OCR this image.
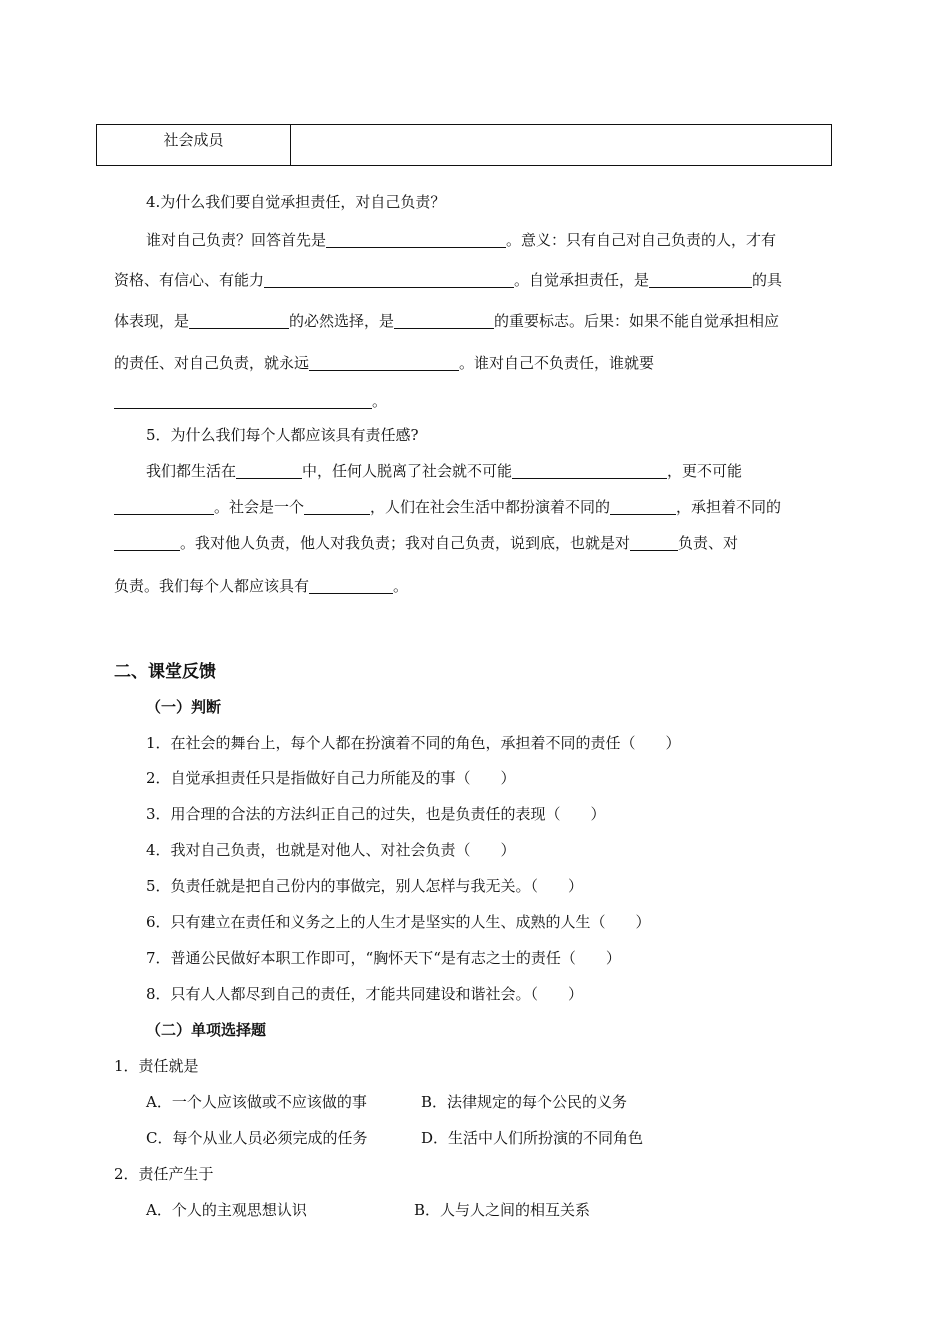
社会成员	
4.为什么我们要自觉承担责任，对自己负责？
谁对自己负责？回答首先是	。意义：只有自己对自己负责的人，才有
资格、有信心、有能力	。自觉承担责任，是	的具
体表现，是	的必然选择，是	的重要标志。后果：如果不能自觉承担相应
的责任、对自己负责，就永远	。谁对自己不负责任，谁就要
。
5．为什么我们每个人都应该具有责任感?
我们都生活在	中，任何人脱离了社会就不可能	，更不可能
。社会是一个	，人们在社会生活中都扮演着不同的	，承担着不同的
。我对他人负责，他人对我负责；我对自己负责，说到底，也就是对	负责、对
负责。我们每个人都应该具有	。
二、课堂反馈
（一）判断
1．在社会的舞台上，每个人都在扮演着不同的角色，承担着不同的责任（　　）
2．自觉承担责任只是指做好自己力所能及的事（　　）
3．用合理的合法的方法纠正自己的过失，也是负责任的表现（　　）
4．我对自己负责，也就是对他人、对社会负责（　　）
5．负责任就是把自己份内的事做完，别人怎样与我无关。（　　）
6．只有建立在责任和义务之上的人生才是坚实的人生、成熟的人生（　　）
7．普通公民做好本职工作即可，“胸怀天下“是有志之士的责任（　　）
8．只有人人都尽到自己的责任，才能共同建设和谐社会。（　　）
（二）单项选择题
1．责任就是
A．一个人应该做或不应该做的事	B．法律规定的每个公民的义务
C．每个从业人员必须完成的任务	D．生活中人们所扮演的不同角色
2．责任产生于
A．个人的主观思想认识	B．人与人之间的相互关系
